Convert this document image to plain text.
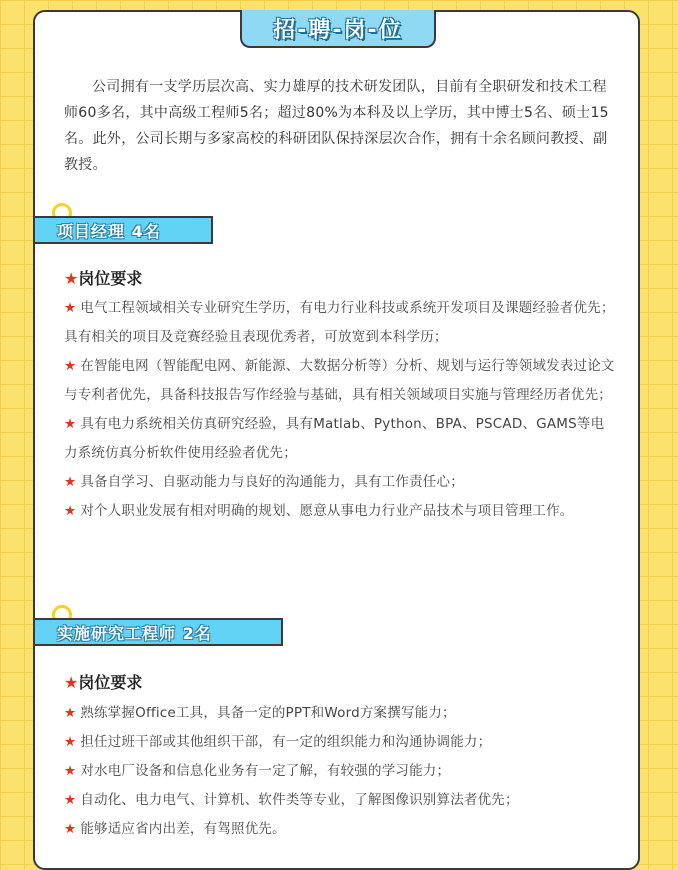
招-聘-岗-位

公司拥有一支学历层次高、实力雄厚的技术研发团队，目前有全职研发和技术工程师60多名，其中高级工程师5名；超过80%为本科及以上学历，其中博士5名、硕士15名。此外，公司长期与多家高校的科研团队保持深层次合作，拥有十余名顾问教授、副教授。

项目经理 4名
★岗位要求
★ 电气工程领域相关专业研究生学历，有电力行业科技或系统开发项目及课题经验者优先；具有相关的项目及竞赛经验且表现优秀者，可放宽到本科学历；
★ 在智能电网（智能配电网、新能源、大数据分析等）分析、规划与运行等领域发表过论文与专利者优先，具备科技报告写作经验与基础，具有相关领域项目实施与管理经历者优先；
★ 具有电力系统相关仿真研究经验，具有Matlab、Python、BPA、PSCAD、GAMS等电力系统仿真分析软件使用经验者优先；
★ 具备自学习、自驱动能力与良好的沟通能力，具有工作责任心；
★ 对个人职业发展有相对明确的规划、愿意从事电力行业产品技术与项目管理工作。
实施研究工程师 2名
★岗位要求
★ 熟练掌握Office工具，具备一定的PPT和Word方案撰写能力；
★ 担任过班干部或其他组织干部，有一定的组织能力和沟通协调能力；
★ 对水电厂设备和信息化业务有一定了解，有较强的学习能力；
★ 自动化、电力电气、计算机、软件类等专业，了解图像识别算法者优先；
★ 能够适应省内出差，有驾照优先。
